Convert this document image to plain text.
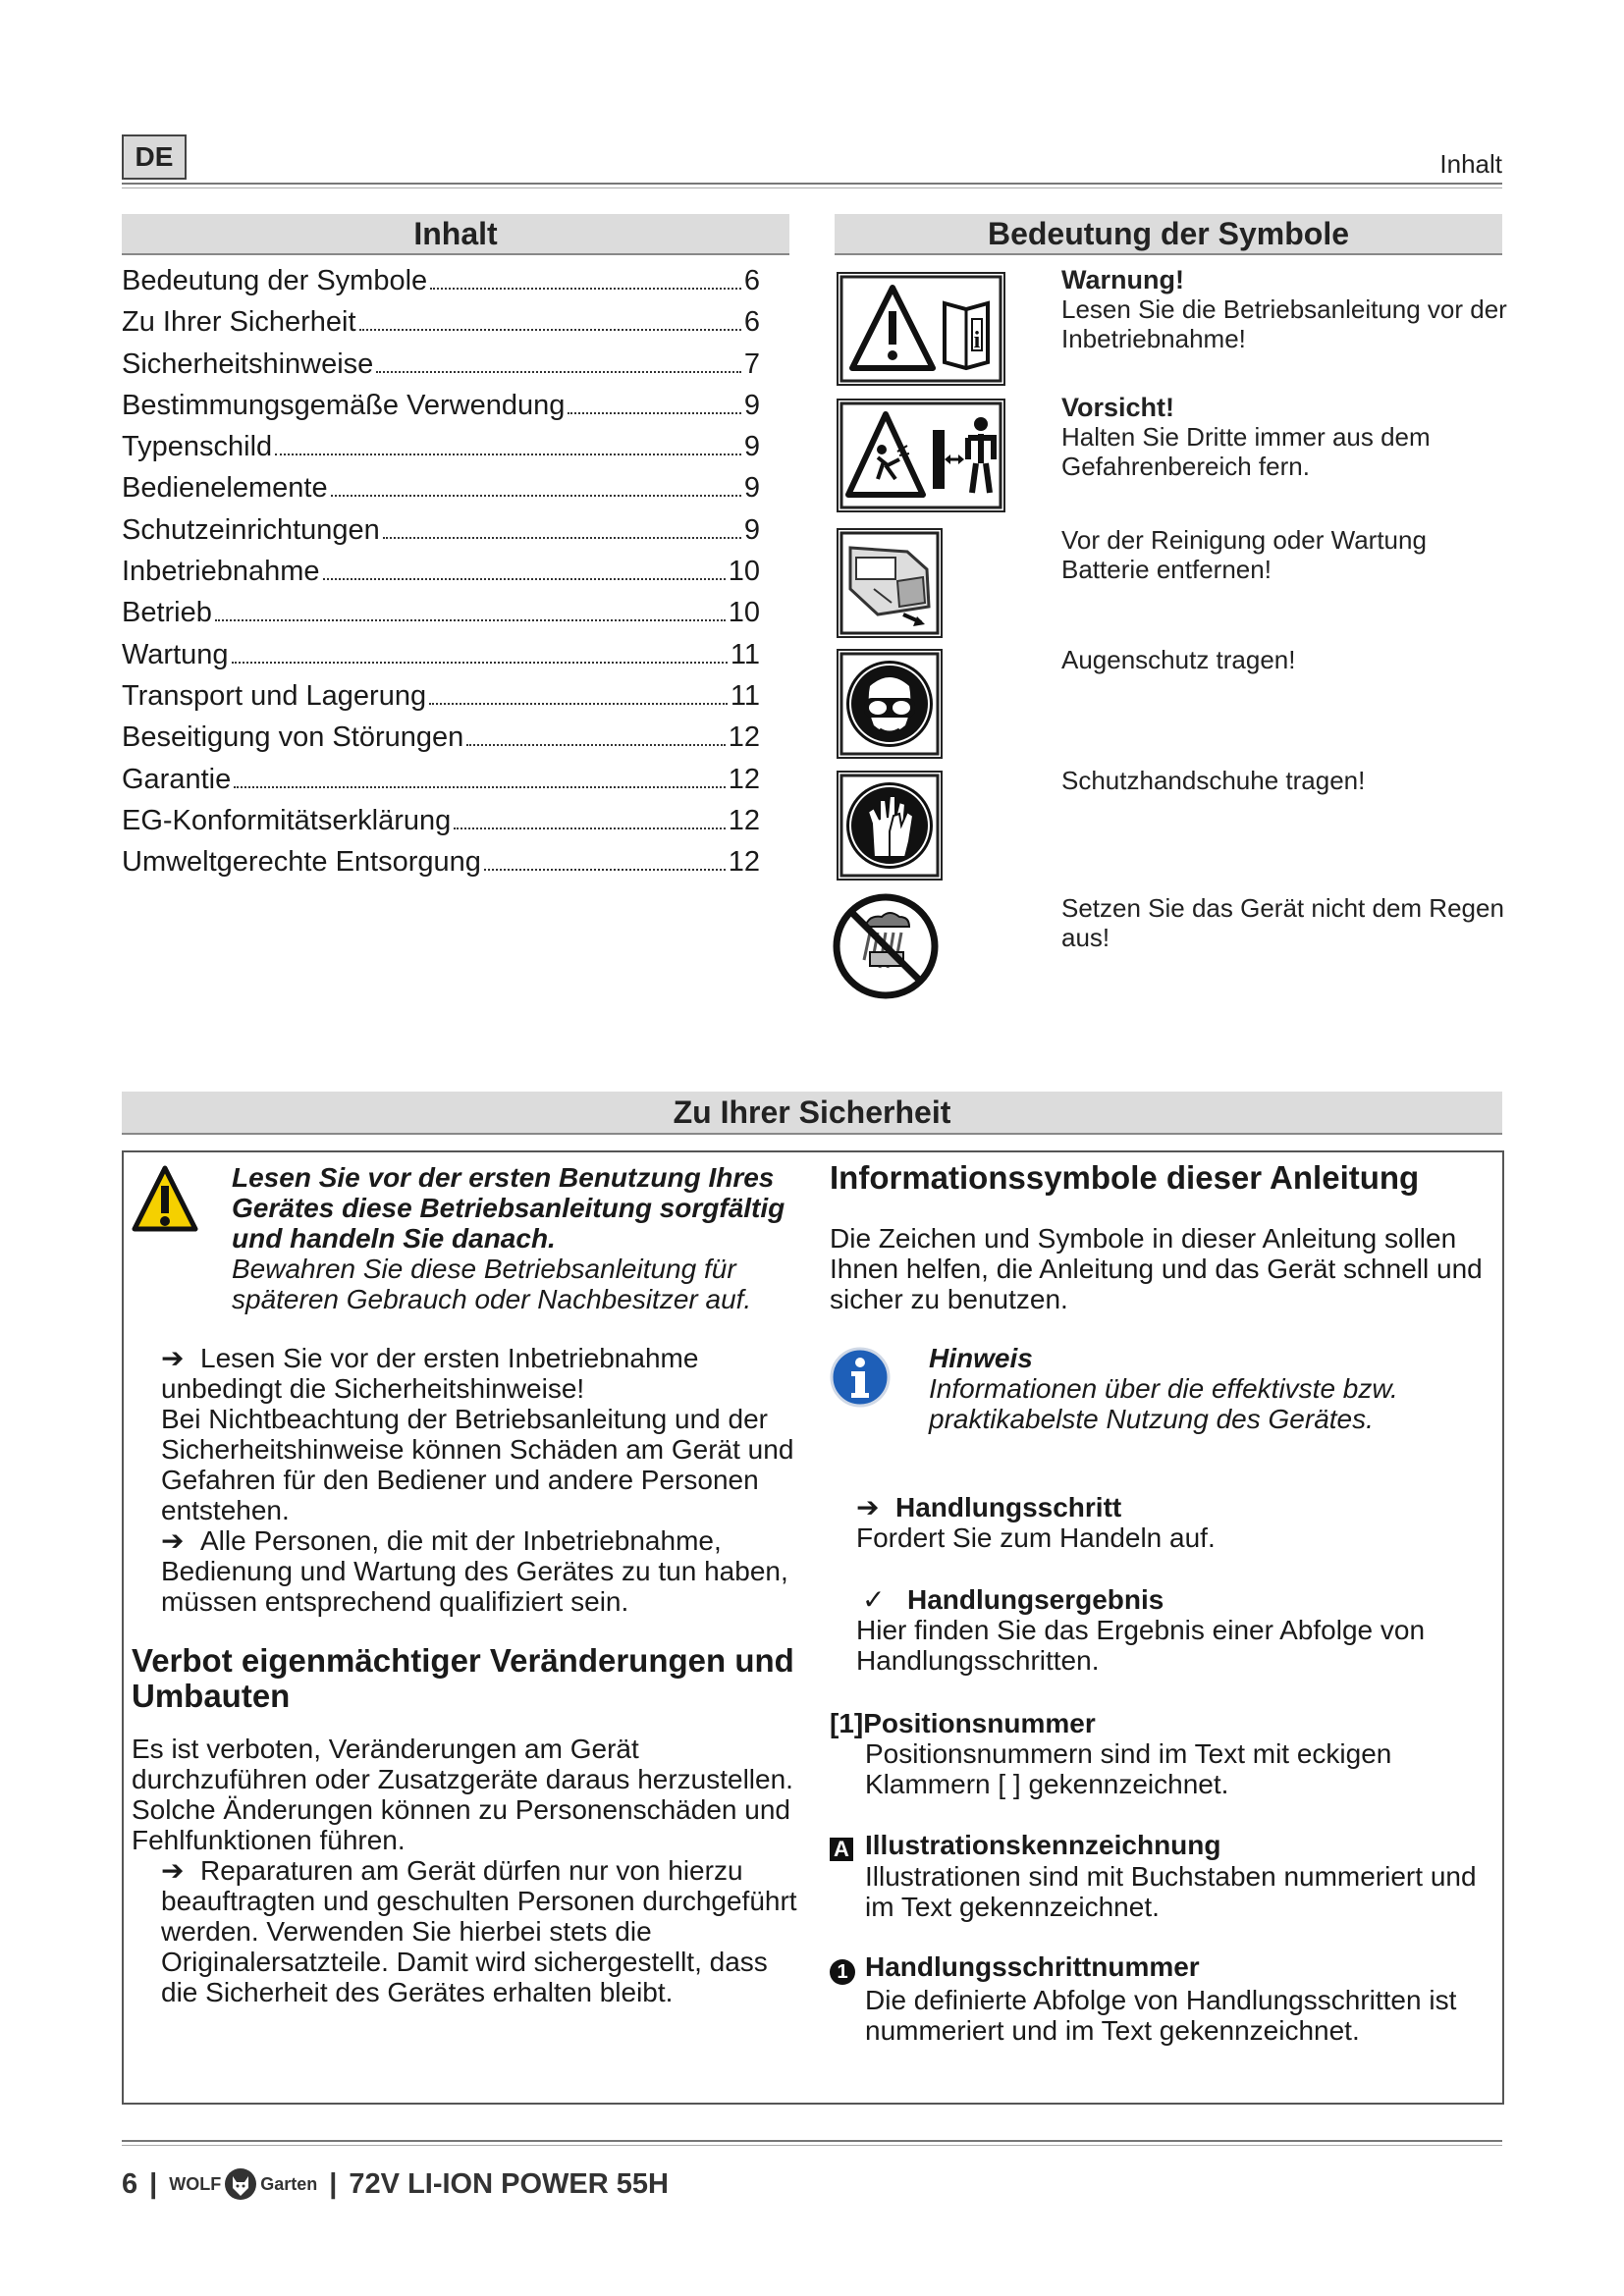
DE	Inhalt
Inhalt
Bedeutung der Symbole	6
Zu Ihrer Sicherheit	6
Sicherheitshinweise	7
Bestimmungsgemäße Verwendung	9
Typenschild	9
Bedienelemente	9
Schutzeinrichtungen	9
Inbetriebnahme	10
Betrieb	10
Wartung	11
Transport und Lagerung	11
Beseitigung von Störungen	12
Garantie	12
EG-Konformitätserklärung	12
Umweltgerechte Entsorgung	12
Bedeutung der Symbole
i
Warnung!
Lesen Sie die Betriebsanleitung vor der Inbetriebnahme!
Vorsicht!
Halten Sie Dritte immer aus dem Gefahrenbereich fern.
Vor der Reinigung oder Wartung Batterie entfernen!
Augenschutz tragen!
Schutzhandschuhe tragen!
Setzen Sie das Gerät nicht dem Regen aus!
Zu Ihrer Sicherheit

Lesen Sie vor der ersten Benutzung Ihres Gerätes diese Betriebsanleitung sorgfältig und handeln Sie danach.

Bewahren Sie diese Betriebsanleitung für späteren Gebrauch oder Nachbesitzer auf.

➔ Lesen Sie vor der ersten Inbetriebnahme unbedingt die Sicherheitshinweise!

Bei Nichtbeachtung der Betriebsanleitung und der Sicherheitshinweise können Schäden am Gerät und Gefahren für den Bediener und andere Personen entstehen.

➔ Alle Personen, die mit der Inbetriebnahme, Bedienung und Wartung des Gerätes zu tun haben, müssen entsprechend qualifiziert sein.

Verbot eigenmächtiger Veränderungen und Umbauten

Es ist verboten, Veränderungen am Gerät durchzuführen oder Zusatzgeräte daraus herzustellen. Solche Änderungen können zu Personenschäden und Fehlfunktionen führen.

➔ Reparaturen am Gerät dürfen nur von hierzu beauftragten und geschulten Personen durchgeführt werden. Verwenden Sie hierbei stets die Originalersatzteile. Damit wird sichergestellt, dass die Sicherheit des Gerätes erhalten bleibt.

Informationssymbole dieser Anleitung
Die Zeichen und Symbole in dieser Anleitung sollen Ihnen helfen, die Anleitung und das Gerät schnell und sicher zu benutzen.

Hinweis

Informationen über die effektivste bzw. praktikabelste Nutzung des Gerätes.

➔ Handlungsschritt

Fordert Sie zum Handeln auf.

✓ Handlungsergebnis

Hier finden Sie das Ergebnis einer Abfolge von Handlungsschritten.

[1]Positionsnummer

Positionsnummern sind im Text mit eckigen Klammern [ ] gekennzeichnet.

A Illustrationskennzeichnung

Illustrationen sind mit Buchstaben nummeriert und im Text gekennzeichnet.

1 Handlungsschrittnummer

Die definierte Abfolge von Handlungsschritten ist nummeriert und im Text gekennzeichnet.

6 | WOLF Garten | 72V LI-ION POWER 55H
